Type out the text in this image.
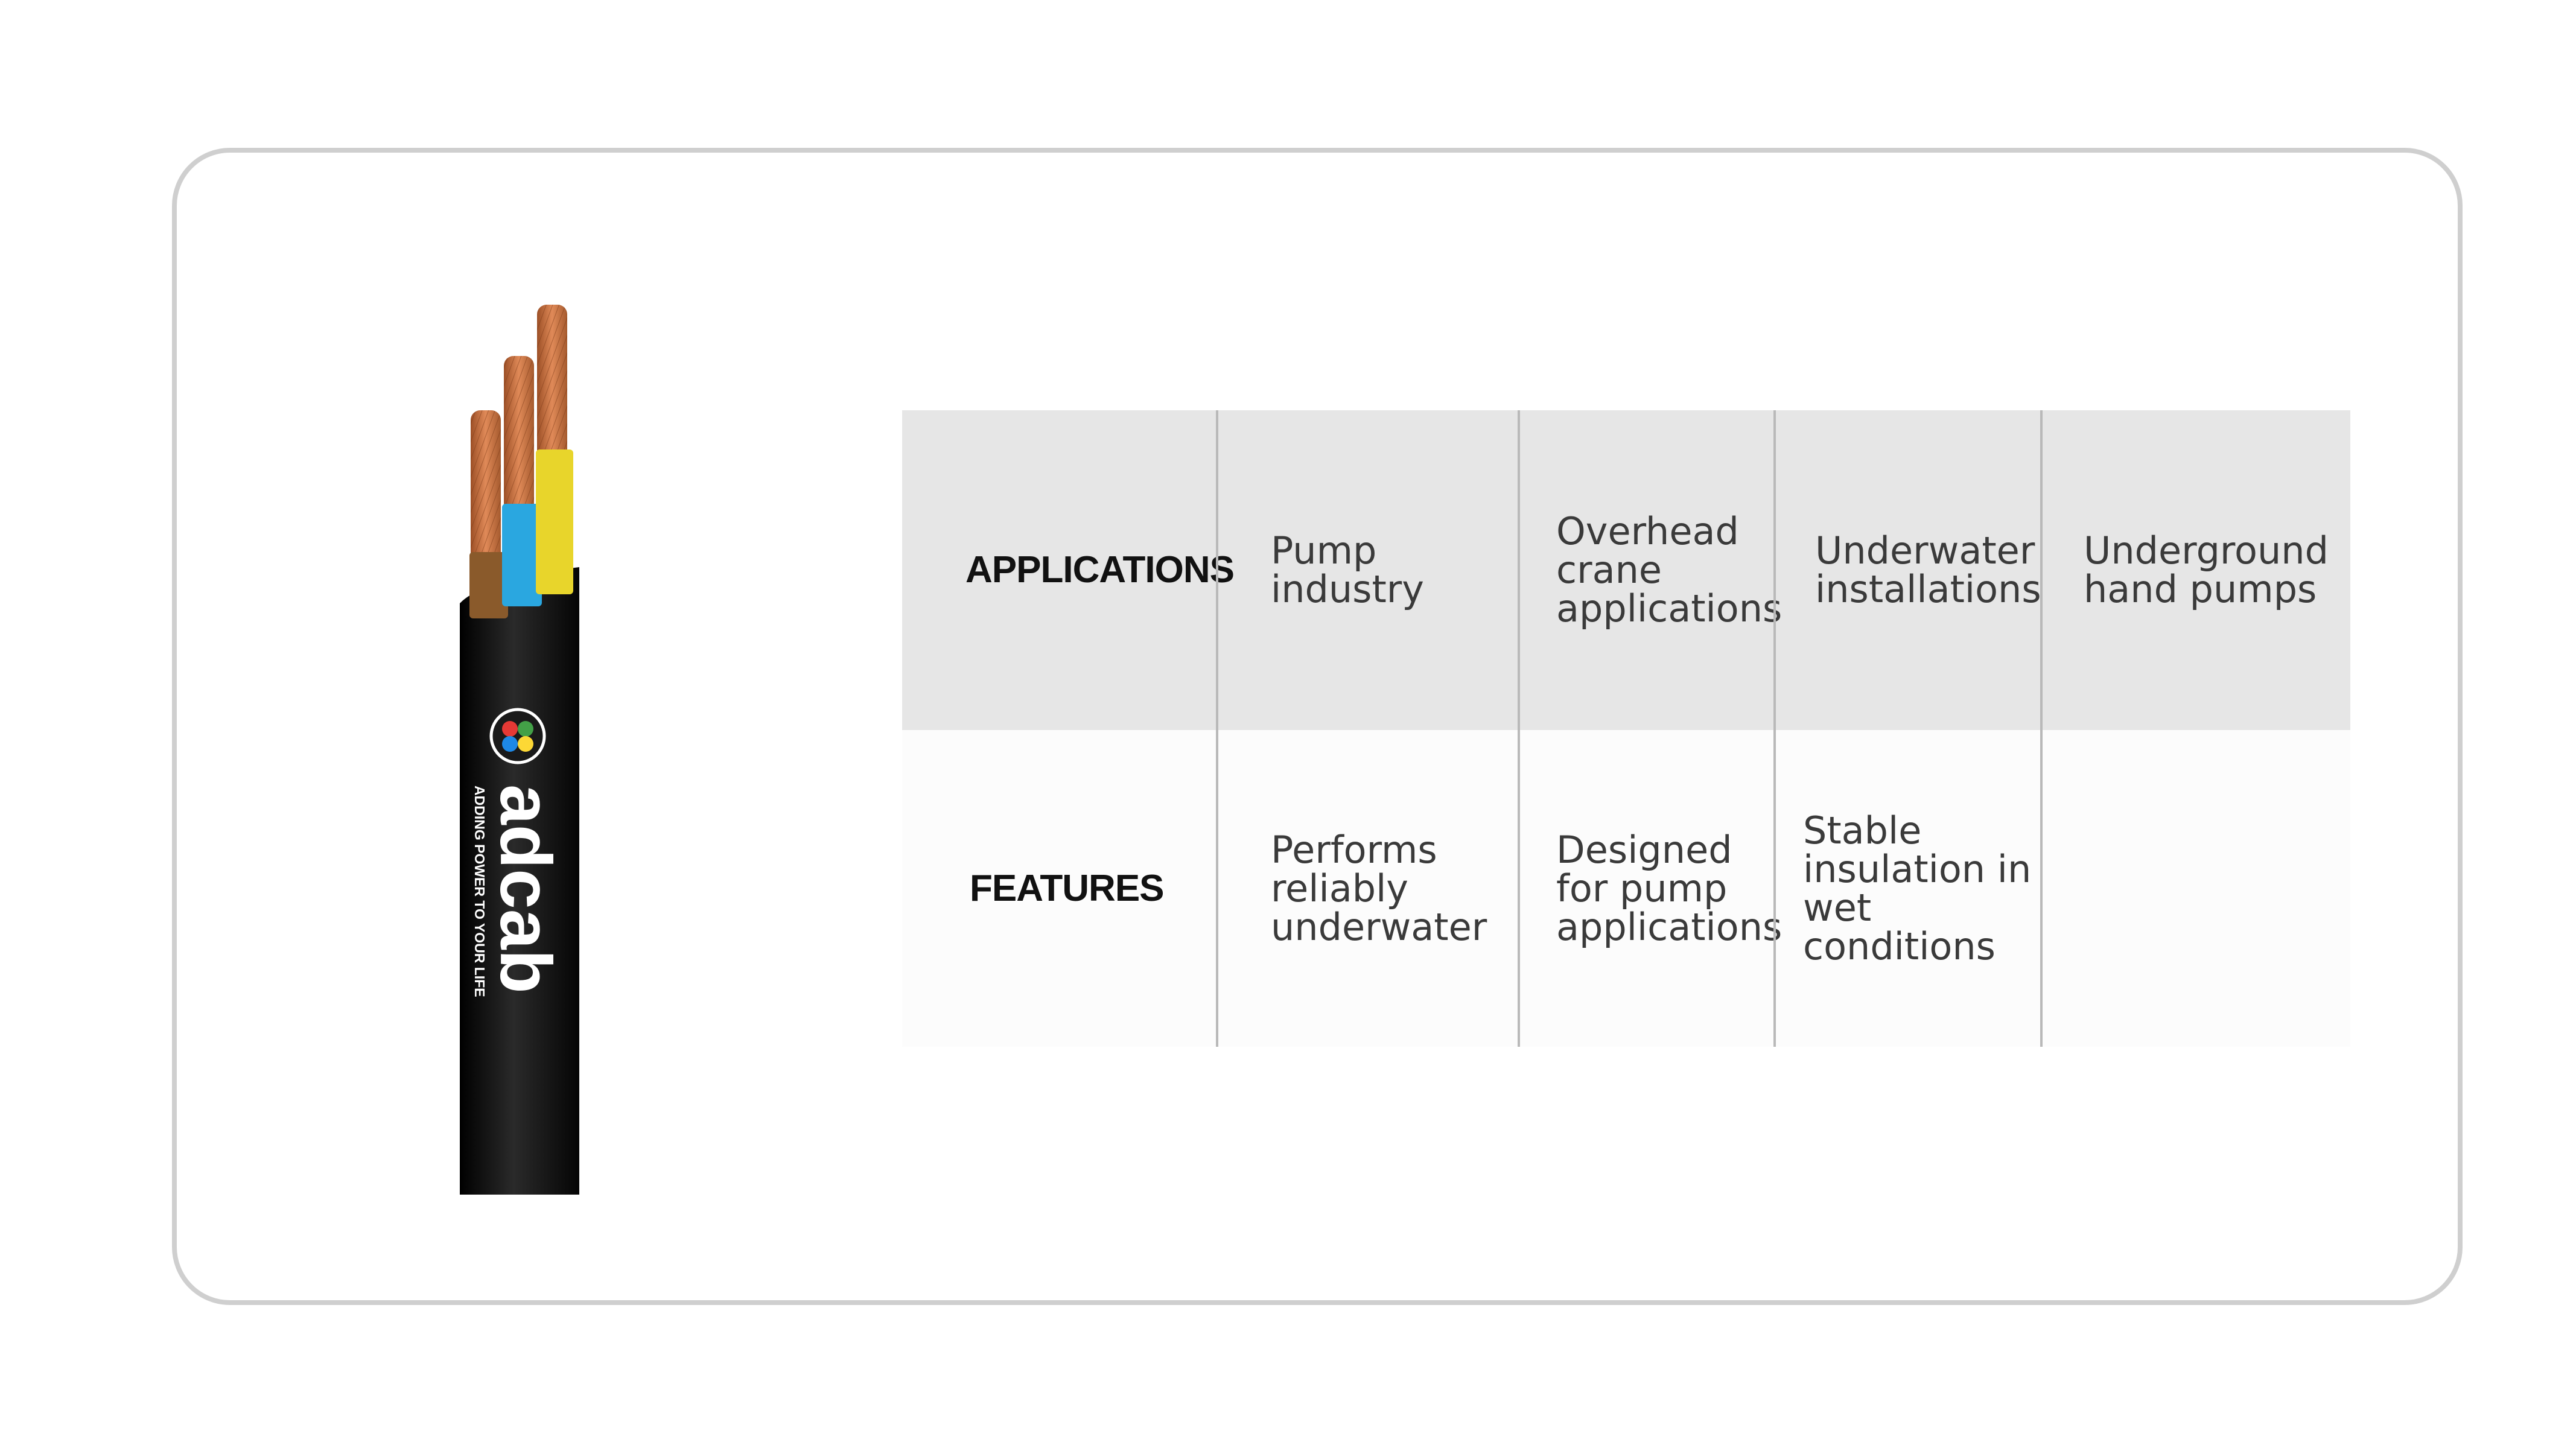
adcab
ADDING POWER TO YOUR LIFE
APPLICATIONS Pump industry
Overhead
crane
applications
Underwater
installations
Underground
hand pumps
FEATURES
Performs
reliably
underwater
Designed
for pump
applications
Stable
insulation in
wet conditions
